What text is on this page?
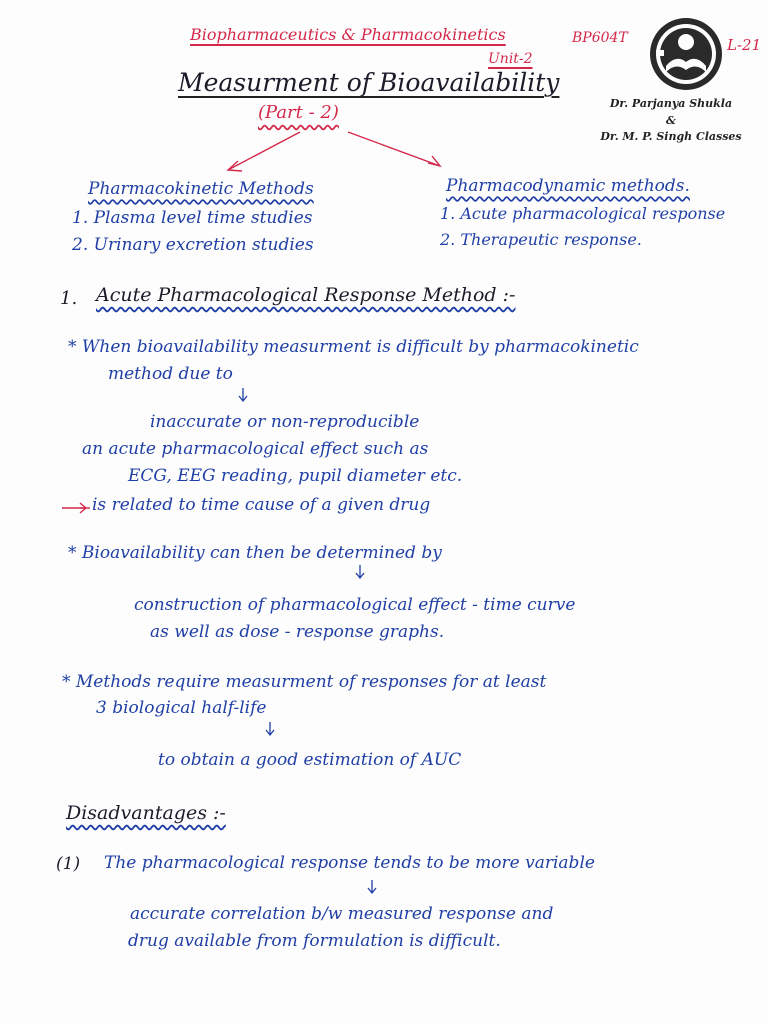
Biopharmaceutics & Pharmacokinetics
Unit-2
BP604T	L-21
Dr. Parjanya Shukla
&
Dr. M. P. Singh Classes
Measurment of Bioavailability
(Part - 2)
Pharmacokinetic Methods
1. Plasma level time studies
2. Urinary excretion studies
Pharmacodynamic methods.
1. Acute pharmacological response
2. Therapeutic response.
1. Acute Pharmacological Response Method :-
* When bioavailability measurment is difficult by pharmacokinetic
method due to
inaccurate or non-reproducible
an acute pharmacological effect such as
ECG, EEG reading, pupil diameter etc.
is related to time cause of a given drug
* Bioavailability can then be determined by
construction of pharmacological effect - time curve
as well as dose - response graphs.
* Methods require measurment of responses for at least
3 biological half-life
to obtain a good estimation of AUC
Disadvantages :-
(1) The pharmacological response tends to be more variable
accurate correlation b/w measured response and
drug available from formulation is difficult.
